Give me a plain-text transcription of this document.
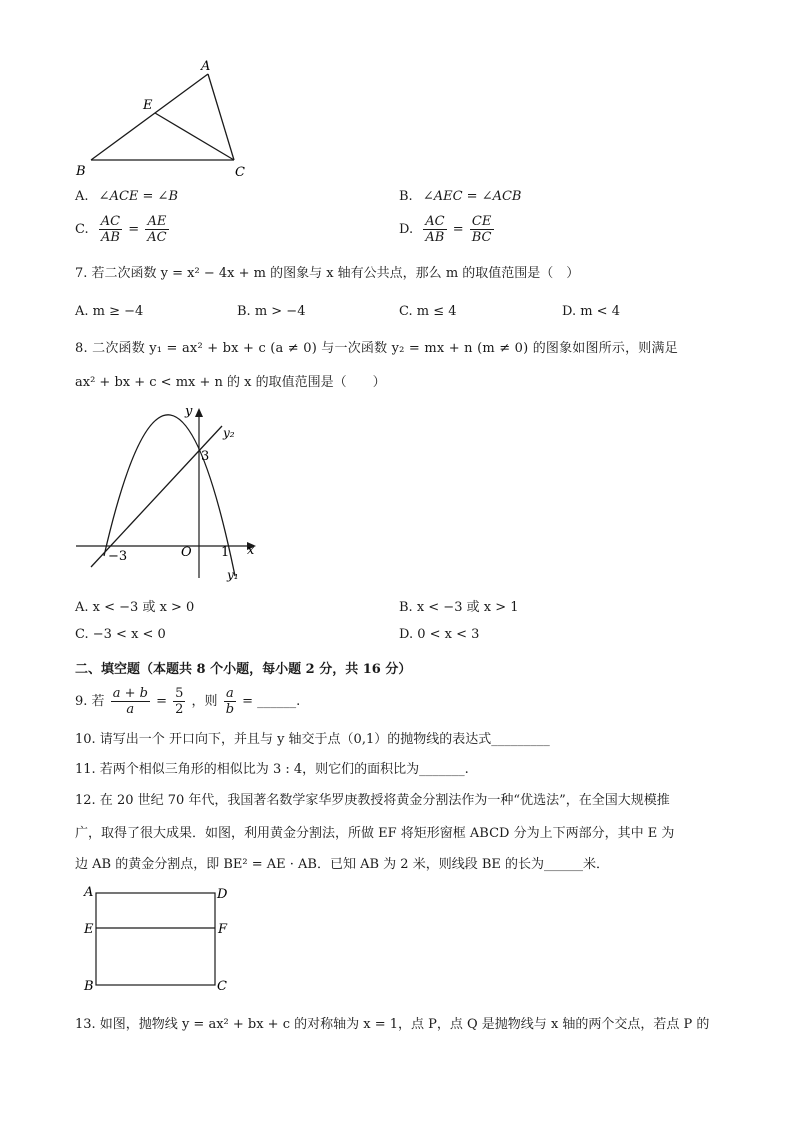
A
E
B	C
A. ∠ACE = ∠B	B. ∠AEC = ∠ACB
C. $\frac{AC}{AB} = \frac{AE}{AC}$	D. $\frac{AC}{AB} = \frac{CE}{BC}$
7. 若二次函数 y = x² − 4x + m 的图象与 x 轴有公共点，那么 m 的取值范围是（　）
A. m ≥ −4	B. m > −4	C. m ≤ 4	D. m < 4
8. 二次函数 y₁ = ax² + bx + c (a ≠ 0) 与一次函数 y₂ = mx + n (m ≠ 0) 的图象如图所示，则满足
ax² + bx + c < mx + n 的 x 的取值范围是（　　）
y
x
O
3
−3	1
y₁
y₂
A. x < −3 或 x > 0	B. x < −3 或 x > 1
C. −3 < x < 0	D. 0 < x < 3
二、填空题（本题共 8 个小题，每小题 2 分，共 16 分）
9. 若 $\frac{a + b}{a} = \frac{5}{2}$ ，则 $\frac{a}{b}$ = ______.
10. 请写出一个 开口向下，并且与 y 轴交于点（0,1）的抛物线的表达式_________
11. 若两个相似三角形的相似比为 3 : 4，则它们的面积比为_______.
12. 在 20 世纪 70 年代，我国著名数学家华罗庚教授将黄金分割法作为一种“优选法”，在全国大规模推
广，取得了很大成果．如图，利用黄金分割法，所做 EF 将矩形窗框 ABCD 分为上下两部分，其中 E 为
边 AB 的黄金分割点，即 BE² = AE · AB．已知 AB 为 2 米，则线段 BE 的长为______米．
A	D
E	F
B	C
13. 如图，抛物线 y = ax² + bx + c 的对称轴为 x = 1，点 P，点 Q 是抛物线与 x 轴的两个交点，若点 P 的
